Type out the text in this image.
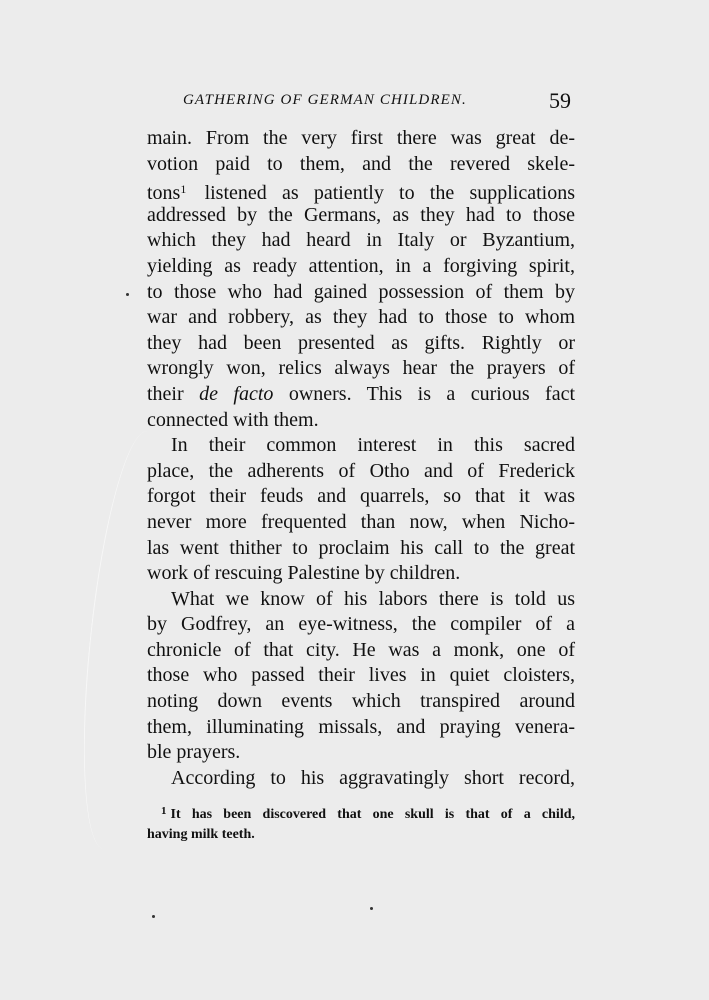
GATHERING OF GERMAN CHILDREN.	59
main. From the very first there was great de-
votion paid to them, and the revered skele-
tons$^1$ listened as patiently to the supplications
addressed by the Germans, as they had to those
which they had heard in Italy or Byzantium,
yielding as ready attention, in a forgiving spirit,
to those who had gained possession of them by
war and robbery, as they had to those to whom
they had been presented as gifts. Rightly or
wrongly won, relics always hear the prayers of
their de facto owners. This is a curious fact
connected with them.
In their common interest in this sacred
place, the adherents of Otho and of Frederick
forgot their feuds and quarrels, so that it was
never more frequented than now, when Nicho-
las went thither to proclaim his call to the great
work of rescuing Palestine by children.
What we know of his labors there is told us
by Godfrey, an eye-witness, the compiler of a
chronicle of that city. He was a monk, one of
those who passed their lives in quiet cloisters,
noting down events which transpired around
them, illuminating missals, and praying venera-
ble prayers.
According to his aggravatingly short record,
$^1$ It has been discovered that one skull is that of a child,
having milk teeth.
